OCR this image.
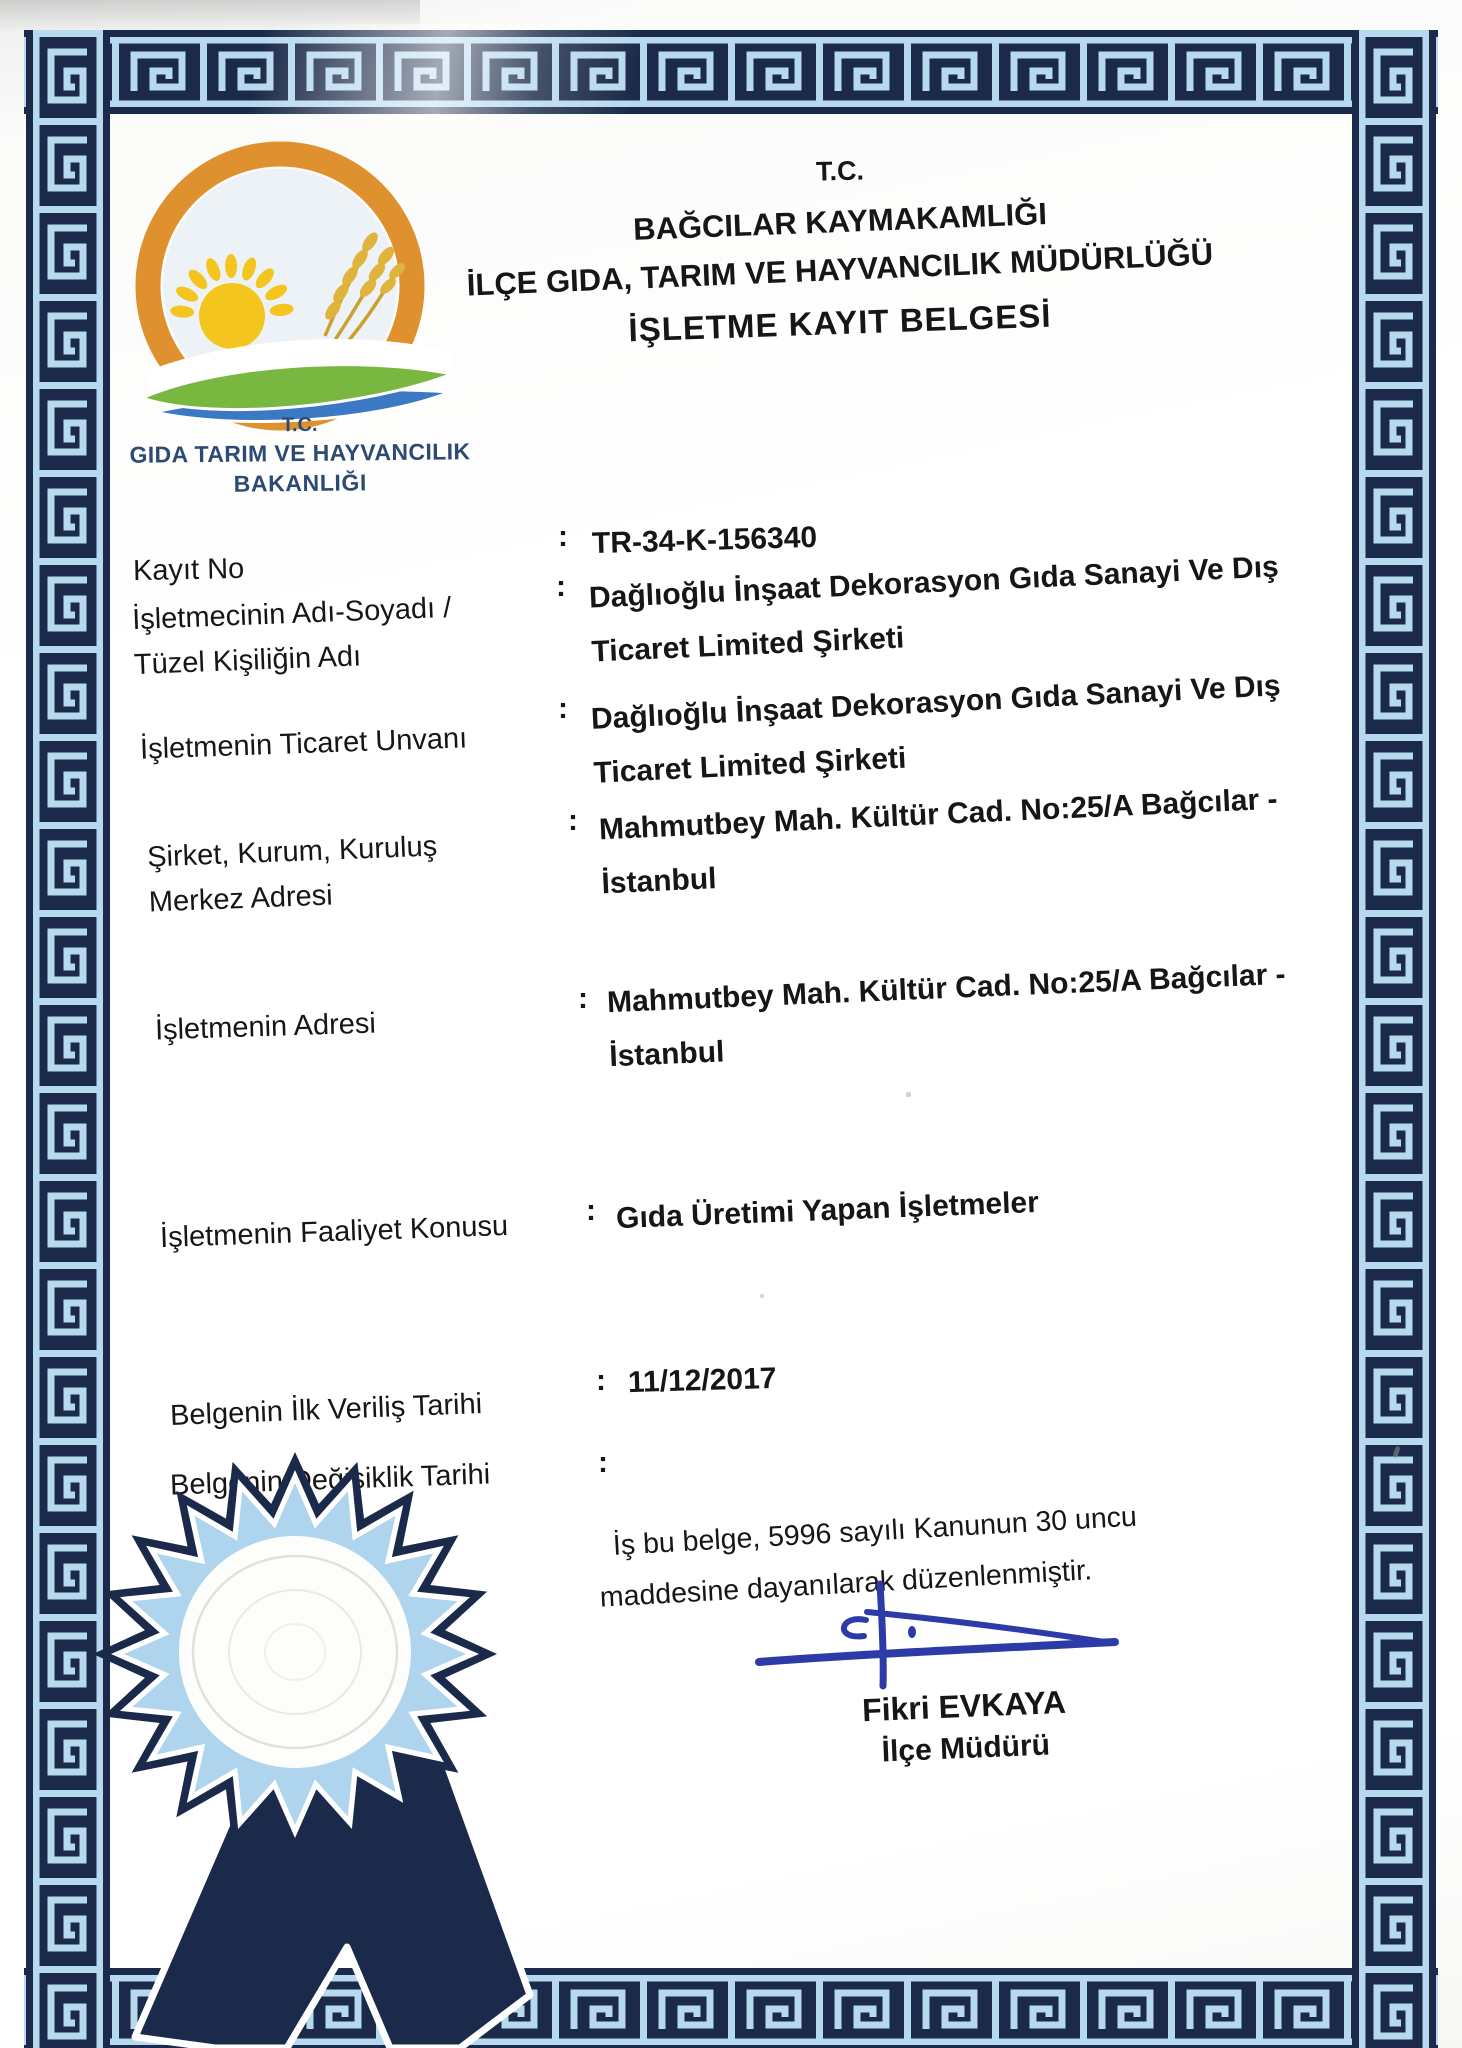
T.C.
GIDA TARIM VE HAYVANCILIK
BAKANLIĞI
T.C.
BAĞCILAR KAYMAKAMLIĞI
İLÇE GIDA, TARIM VE HAYVANCILIK MÜDÜRLÜĞÜ
İŞLETME KAYIT BELGESİ
Kayıt No
: TR-34-K-156340
İşletmecinin Adı-Soyadı /
Tüzel Kişiliğin Adı
: Dağlıoğlu İnşaat Dekorasyon Gıda Sanayi Ve Dış
Ticaret Limited Şirketi
İşletmenin Ticaret Unvanı
: Dağlıoğlu İnşaat Dekorasyon Gıda Sanayi Ve Dış
Ticaret Limited Şirketi
Şirket, Kurum, Kuruluş
Merkez Adresi
: Mahmutbey Mah. Kültür Cad. No:25/A Bağcılar -
İstanbul
İşletmenin Adresi
: Mahmutbey Mah. Kültür Cad. No:25/A Bağcılar -
İstanbul
İşletmenin Faaliyet Konusu	: Gıda Üretimi Yapan İşletmeler
Belgenin İlk Veriliş Tarihi
: 11/12/2017
Belgenin Değişiklik Tarihi	:
İş bu belge, 5996 sayılı Kanunun 30 uncu
maddesine dayanılarak düzenlenmiştir.
Fikri EVKAYA
İlçe Müdürü
